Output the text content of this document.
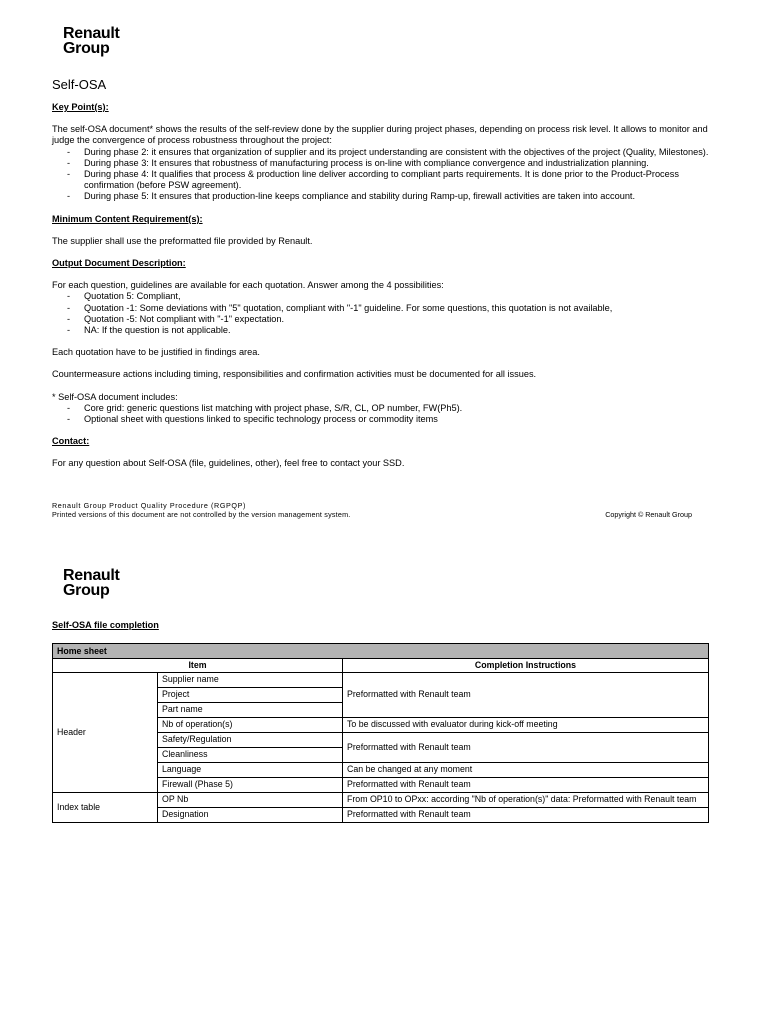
Renault
Group
Self-OSA
Key Point(s):
The self-OSA document* shows the results of the self-review done by the supplier during project phases, depending on process risk level. It allows to monitor and judge the convergence of process robustness throughout the project:
- During phase 2: it ensures that organization of supplier and its project understanding are consistent with the objectives of the project (Quality, Milestones).
- During phase 3: It ensures that robustness of manufacturing process is on-line with compliance convergence and industrialization planning.
- During phase 4: It qualifies that process & production line deliver according to compliant parts requirements. It is done prior to the Product-Process confirmation (before PSW agreement).
- During phase 5: It ensures that production-line keeps compliance and stability during Ramp-up, firewall activities are taken into account.
Minimum Content Requirement(s):
The supplier shall use the preformatted file provided by Renault.
Output Document Description:
For each question, guidelines are available for each quotation. Answer among the 4 possibilities:
- Quotation 5: Compliant,
- Quotation -1: Some deviations with "5" quotation, compliant with "-1" guideline. For some questions, this quotation is not available,
- Quotation -5: Not compliant with "-1" expectation.
- NA: If the question is not applicable.
Each quotation have to be justified in findings area.
Countermeasure actions including timing, responsibilities and confirmation activities must be documented for all issues.
* Self-OSA document includes:
- Core grid: generic questions list matching with project phase, S/R, CL, OP number, FW(Ph5).
- Optional sheet with questions linked to specific technology process or commodity items
Contact:
For any question about Self-OSA (file, guidelines, other), feel free to contact your SSD.
Renault Group Product Quality Procedure (RGPQP)
Printed versions of this document are not controlled by the version management system.	Copyright © Renault Group
Renault
Group
Self-OSA file completion
Home sheet		
Item		Completion Instructions
Header	Supplier name	Preformatted with Renault team
	Project	
	Part name	
	Nb of operation(s)	To be discussed with evaluator during kick-off meeting
	Safety/Regulation	Preformatted with Renault team
	Cleanliness	
	Language	Can be changed at any moment
	Firewall (Phase 5)	Preformatted with Renault team
Index table	OP Nb	From OP10 to OPxx: according "Nb of operation(s)" data: Preformatted with Renault team
	Designation	Preformatted with Renault team
